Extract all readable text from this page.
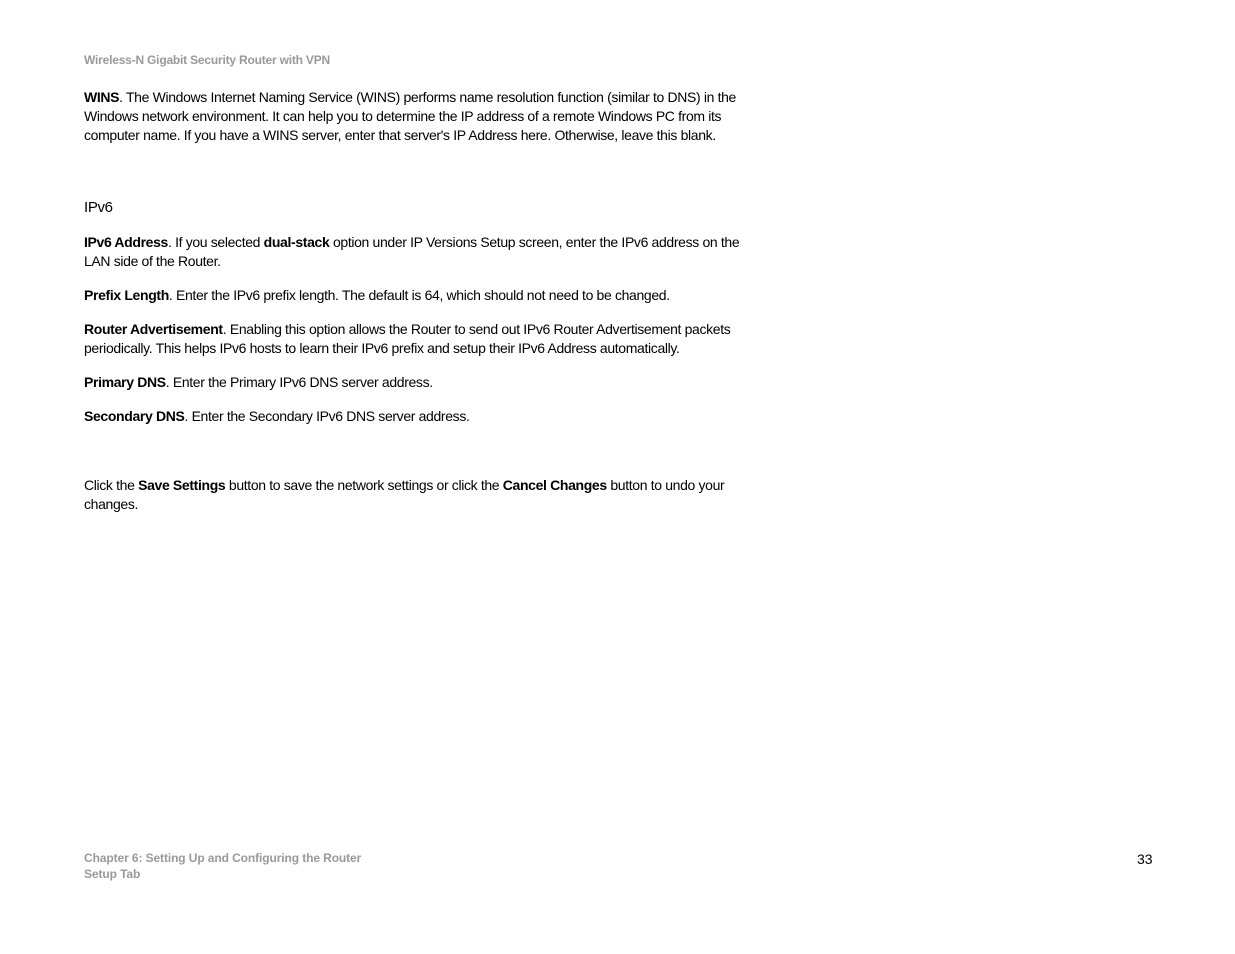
Wireless-N Gigabit Security Router with VPN

WINS. The Windows Internet Naming Service (WINS) performs name resolution function (similar to DNS) in the Windows network environment. It can help you to determine the IP address of a remote Windows PC from its computer name. If you have a WINS server, enter that server's IP Address here. Otherwise, leave this blank.

IPv6

IPv6 Address. If you selected dual-stack option under IP Versions Setup screen, enter the IPv6 address on the LAN side of the Router.

Prefix Length. Enter the IPv6 prefix length. The default is 64, which should not need to be changed.

Router Advertisement. Enabling this option allows the Router to send out IPv6 Router Advertisement packets periodically. This helps IPv6 hosts to learn their IPv6 prefix and setup their IPv6 Address automatically.

Primary DNS. Enter the Primary IPv6 DNS server address.

Secondary DNS. Enter the Secondary IPv6 DNS server address.

Click the Save Settings button to save the network settings or click the Cancel Changes button to undo your changes.

Chapter 6: Setting Up and Configuring the Router
Setup Tab
33
